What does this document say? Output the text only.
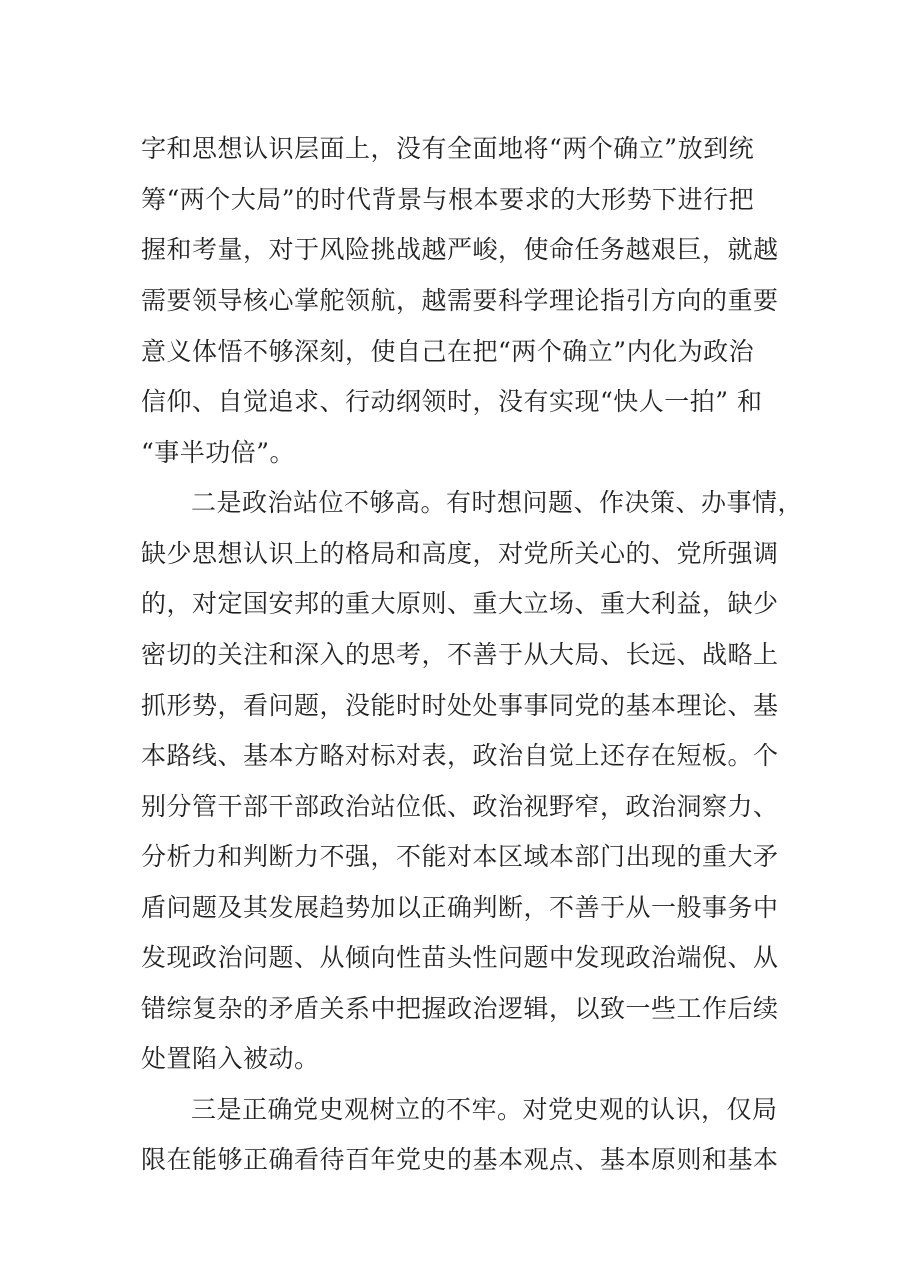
字和思想认识层面上，没有全面地将“两个确立”放到统
筹“两个大局”的时代背景与根本要求的大形势下进行把
握和考量，对于风险挑战越严峻，使命任务越艰巨，就越
需要领导核心掌舵领航，越需要科学理论指引方向的重要
意义体悟不够深刻，使自己在把“两个确立”内化为政治
信仰、自觉追求、行动纲领时，没有实现“快人一拍” 和
“事半功倍”。
二是政治站位不够高。有时想问题、作决策、办事情，
缺少思想认识上的格局和高度，对党所关心的、党所强调
的，对定国安邦的重大原则、重大立场、重大利益，缺少
密切的关注和深入的思考，不善于从大局、长远、战略上
抓形势，看问题，没能时时处处事事同党的基本理论、基
本路线、基本方略对标对表，政治自觉上还存在短板。个
别分管干部干部政治站位低、政治视野窄，政治洞察力、
分析力和判断力不强，不能对本区域本部门出现的重大矛
盾问题及其发展趋势加以正确判断，不善于从一般事务中
发现政治问题、从倾向性苗头性问题中发现政治端倪、从
错综复杂的矛盾关系中把握政治逻辑，以致一些工作后续
处置陷入被动。
三是正确党史观树立的不牢。对党史观的认识，仅局
限在能够正确看待百年党史的基本观点、基本原则和基本
